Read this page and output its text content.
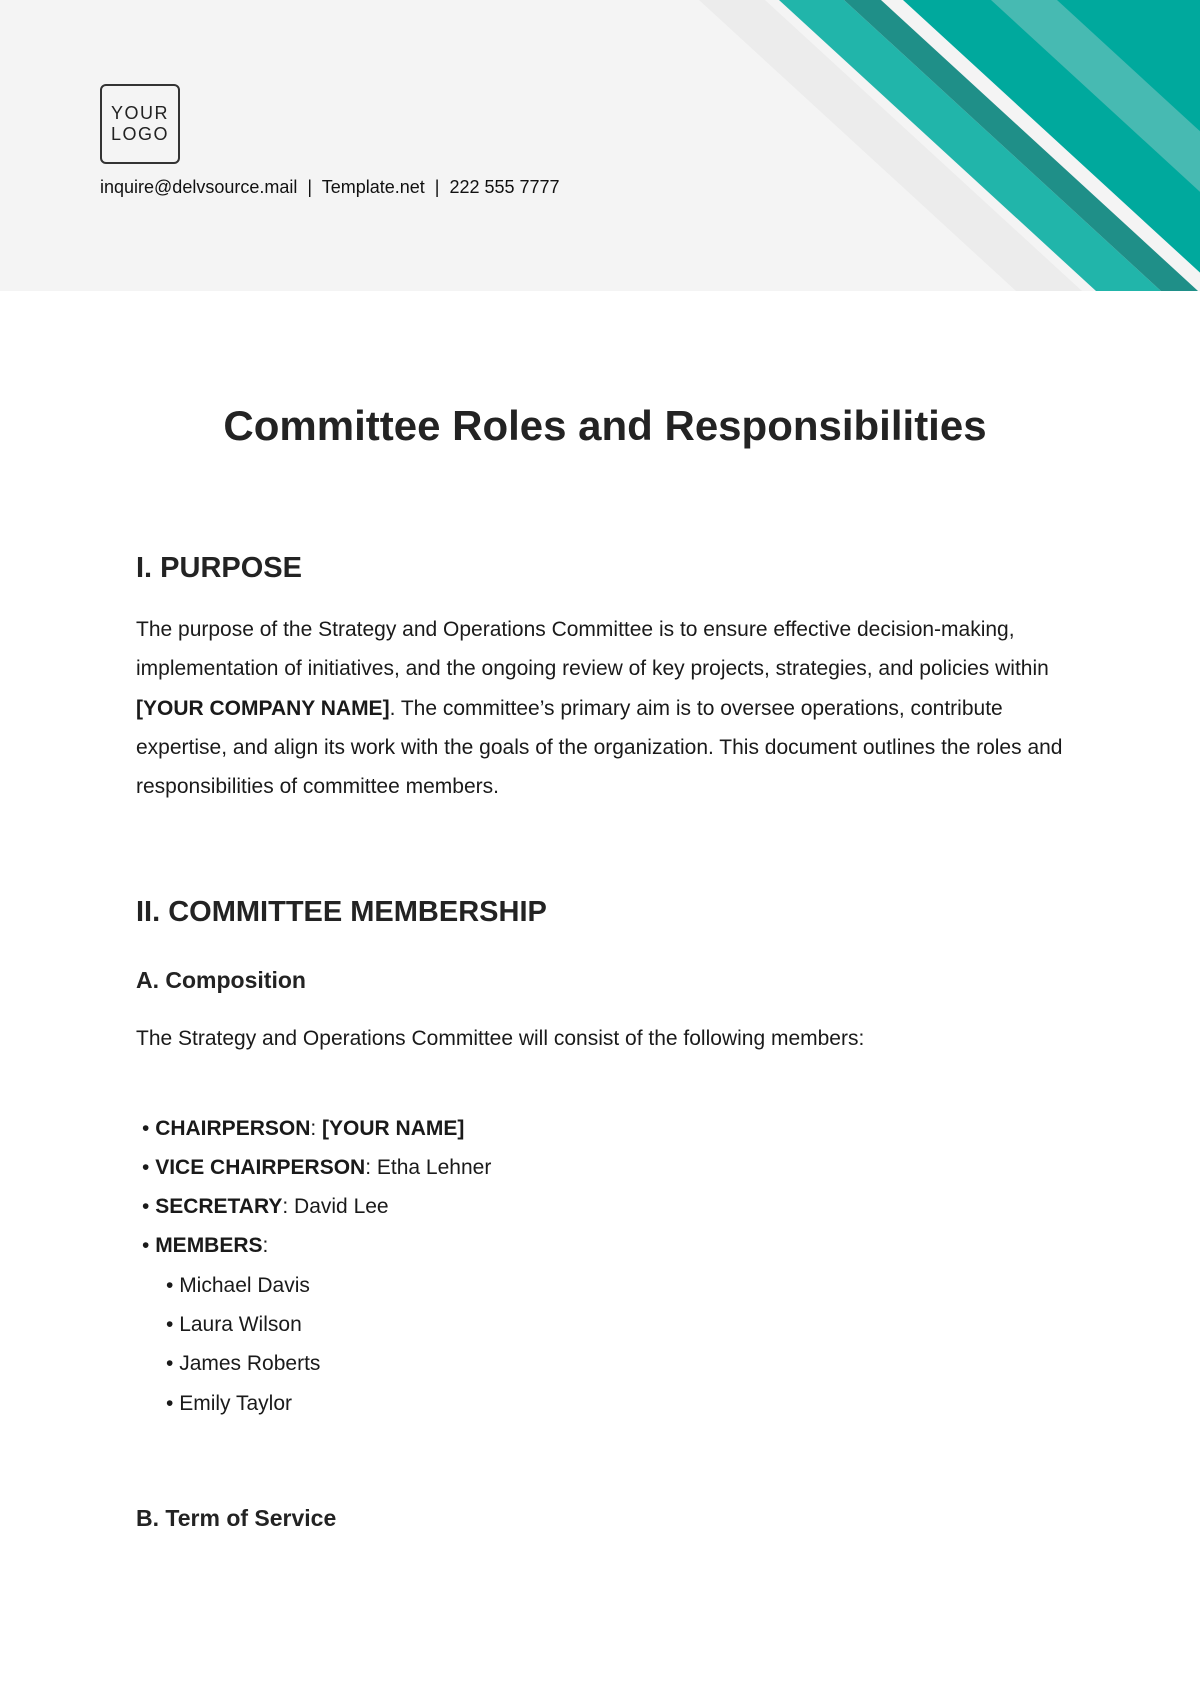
YOUR
LOGO
inquire@delvsource.mail  |  Template.net  |  222 555 7777
Committee Roles and Responsibilities
I. PURPOSE
The purpose of the Strategy and Operations Committee is to ensure effective decision-making, implementation of initiatives, and the ongoing review of key projects, strategies, and policies within [YOUR COMPANY NAME]. The committee’s primary aim is to oversee operations, contribute expertise, and align its work with the goals of the organization. This document outlines the roles and responsibilities of committee members.
II. COMMITTEE MEMBERSHIP
A. Composition
The Strategy and Operations Committee will consist of the following members:
• CHAIRPERSON: [YOUR NAME]
• VICE CHAIRPERSON: Etha Lehner
• SECRETARY: David Lee
• MEMBERS:
• Michael Davis
• Laura Wilson
• James Roberts
• Emily Taylor
B. Term of Service
